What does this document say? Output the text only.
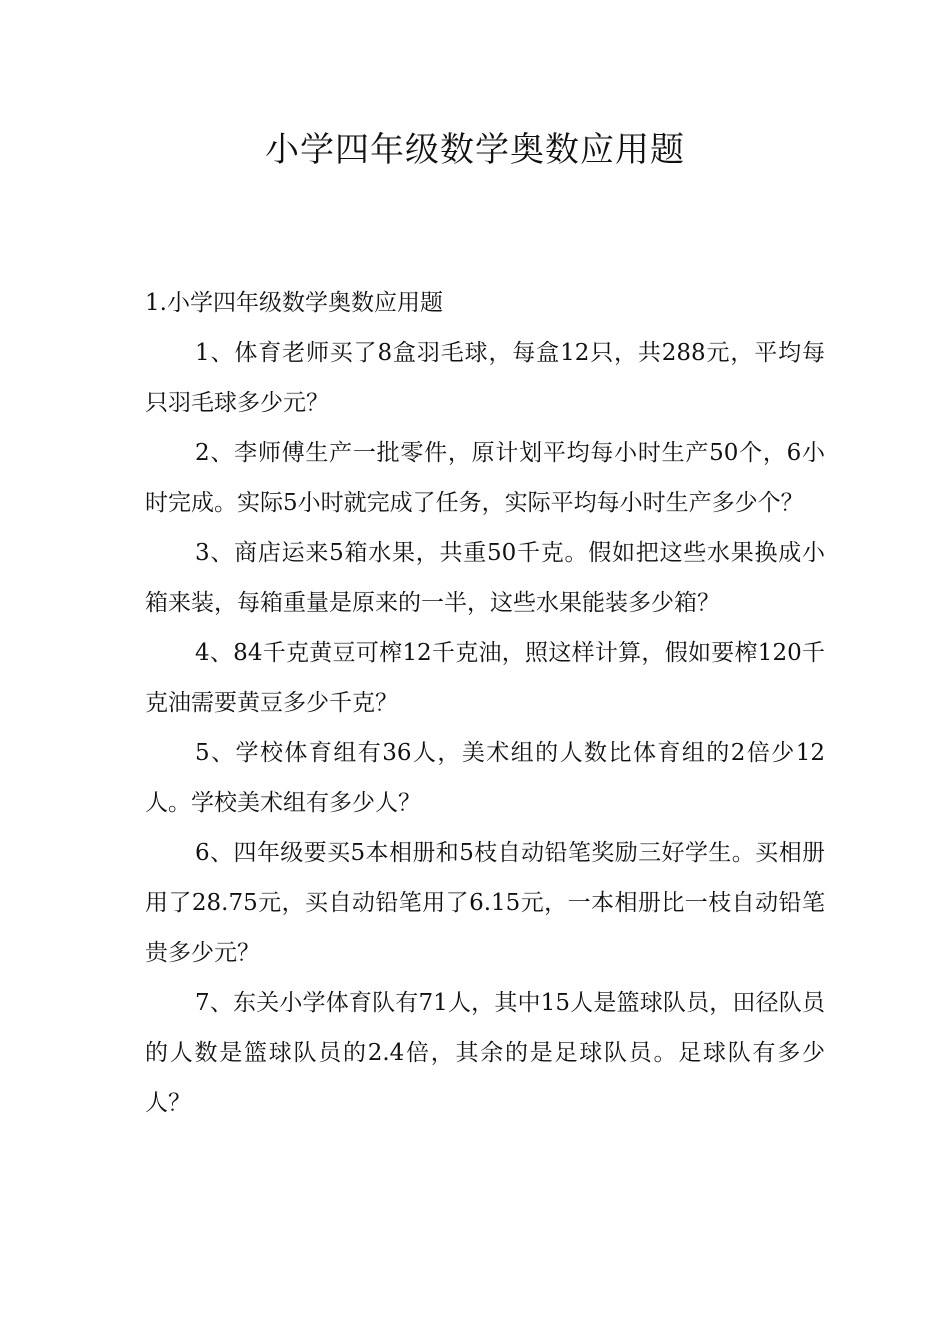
小学四年级数学奥数应用题

1.小学四年级数学奥数应用题

1、体育老师买了8盒羽毛球，每盒12只，共288元，平均每只羽毛球多少元？

2、李师傅生产一批零件，原计划平均每小时生产50个，6小时完成。实际5小时就完成了任务，实际平均每小时生产多少个？

3、商店运来5箱水果，共重50千克。假如把这些水果换成小箱来装，每箱重量是原来的一半，这些水果能装多少箱？

4、84千克黄豆可榨12千克油，照这样计算，假如要榨120千克油需要黄豆多少千克？

5、学校体育组有36人，美术组的人数比体育组的2倍少12人。学校美术组有多少人？

6、四年级要买5本相册和5枝自动铅笔奖励三好学生。买相册用了28.75元，买自动铅笔用了6.15元，一本相册比一枝自动铅笔贵多少元？

7、东关小学体育队有71人，其中15人是篮球队员，田径队员的人数是篮球队员的2.4倍，其余的是足球队员。足球队有多少人？
